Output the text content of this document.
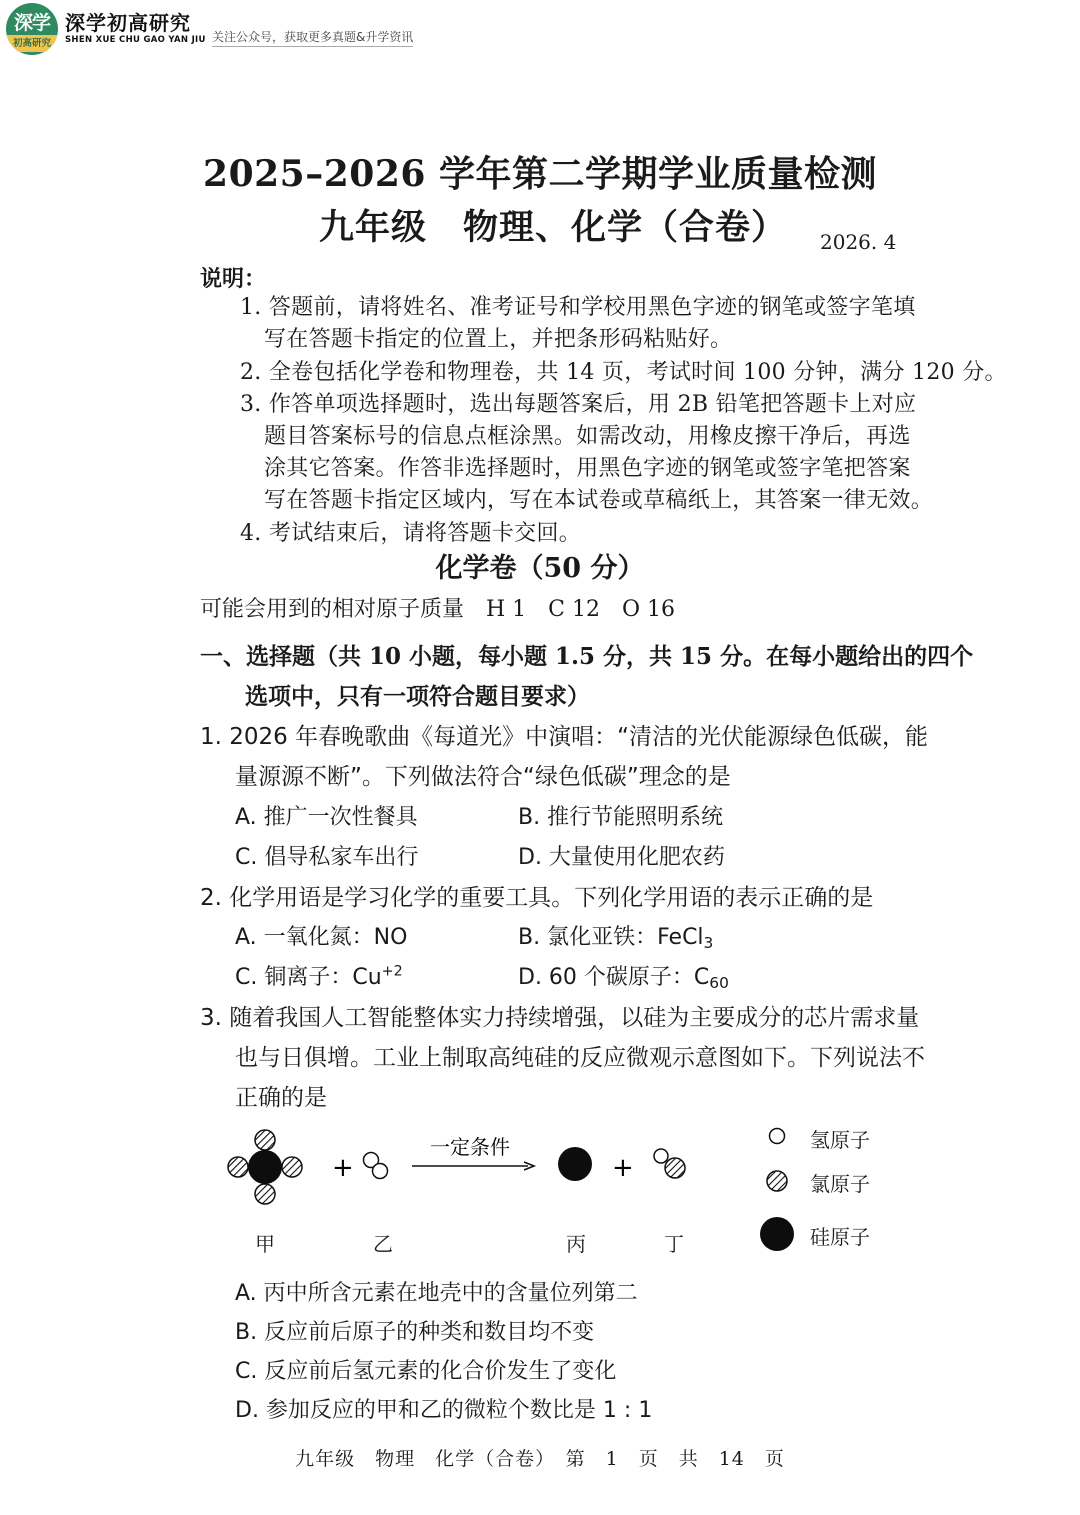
深学
初高研究
深学初高研究
SHEN XUE CHU GAO YAN JIU 关注公众号，获取更多真题&升学资讯
2025–2026 学年第二学期学业质量检测
九年级　物理、化学（合卷）	2026. 4
说明：
1. 答题前，请将姓名、准考证号和学校用黑色字迹的钢笔或签字笔填
写在答题卡指定的位置上，并把条形码粘贴好。
2. 全卷包括化学卷和物理卷，共 14 页，考试时间 100 分钟，满分 120 分。
3. 作答单项选择题时，选出每题答案后，用 2B 铅笔把答题卡上对应
题目答案标号的信息点框涂黑。如需改动，用橡皮擦干净后，再选
涂其它答案。作答非选择题时，用黑色字迹的钢笔或签字笔把答案
写在答题卡指定区域内，写在本试卷或草稿纸上，其答案一律无效。
4. 考试结束后，请将答题卡交回。
化学卷（50 分）
可能会用到的相对原子质量　H 1　C 12　O 16
一、选择题（共 10 小题，每小题 1.5 分，共 15 分。在每小题给出的四个
选项中，只有一项符合题目要求）
1. 2026 年春晚歌曲《每道光》中演唱：“清洁的光伏能源绿色低碳，能
量源源不断”。下列做法符合“绿色低碳”理念的是
A. 推广一次性餐具	B. 推行节能照明系统
C. 倡导私家车出行	D. 大量使用化肥农药
2. 化学用语是学习化学的重要工具。下列化学用语的表示正确的是
A. 一氧化氮：NO	B. 氯化亚铁：FeCl$_3$
C. 铜离子：$Cu^{+2}$	D. 60 个碳原子：$C_{60}$
3. 随着我国人工智能整体实力持续增强，以硅为主要成分的芯片需求量
也与日俱增。工业上制取高纯硅的反应微观示意图如下。下列说法不
正确的是
+
一定条件
+
氢原子
氯原子
硅原子
甲	乙	丙	丁
A. 丙中所含元素在地壳中的含量位列第二
B. 反应前后原子的种类和数目均不变
C. 反应前后氢元素的化合价发生了变化
D. 参加反应的甲和乙的微粒个数比是 1 : 1
九年级　物理　化学（合卷）　第　1　页　共　14　页
